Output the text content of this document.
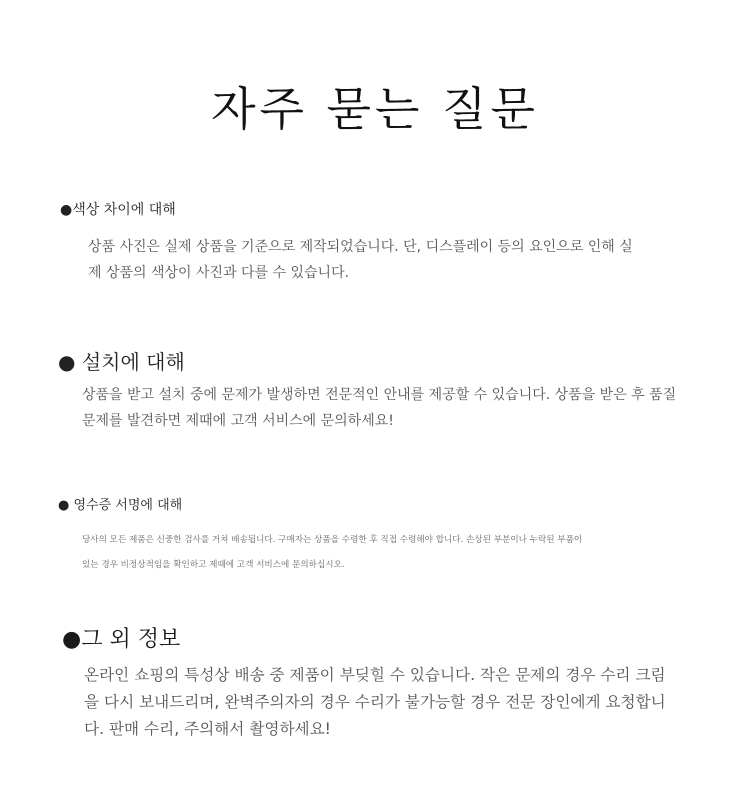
자주 묻는 질문
●색상 차이에 대해

상품 사진은 실제 상품을 기준으로 제작되었습니다. 단, 디스플레이 등의 요인으로 인해 실

제 상품의 색상이 사진과 다를 수 있습니다.

● 설치에 대해

상품을 받고 설치 중에 문제가 발생하면 전문적인 안내를 제공할 수 있습니다. 상품을 받은 후 품질

문제를 발견하면 제때에 고객 서비스에 문의하세요!

● 영수증 서명에 대해

당사의 모든 제품은 신중한 검사를 거쳐 배송됩니다. 구매자는 상품을 수령한 후 직접 수령해야 합니다. 손상된 부분이나 누락된 부품이

있는 경우 비정상적임을 확인하고 제때에 고객 서비스에 문의하십시오.

●그 외 정보

온라인 쇼핑의 특성상 배송 중 제품이 부딪힐 수 있습니다. 작은 문제의 경우 수리 크림

을 다시 보내드리며, 완벽주의자의 경우 수리가 불가능할 경우 전문 장인에게 요청합니

다. 판매 수리, 주의해서 촬영하세요!
